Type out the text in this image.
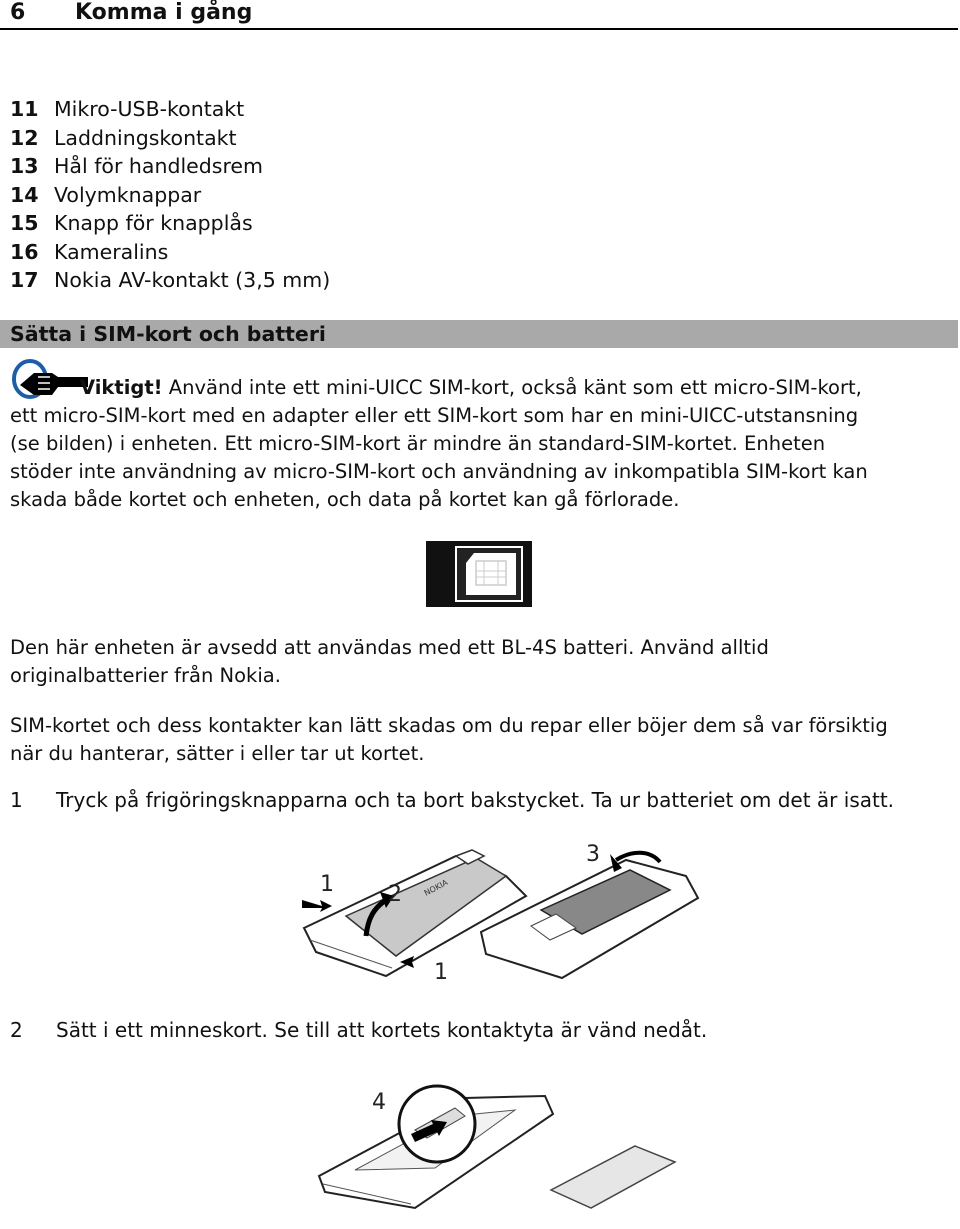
6 Komma i gång
11 Mikro-USB-kontakt
12 Laddningskontakt
13 Hål för handledsrem
14 Volymknappar
15 Knapp för knapplås
16 Kameralins
17 Nokia AV-kontakt (3,5 mm)
Sätta i SIM-kort och batteri
Viktigt! Använd inte ett mini-UICC SIM-kort, också känt som ett micro-SIM-kort,
ett micro-SIM-kort med en adapter eller ett SIM-kort som har en mini-UICC-utstansning
(se bilden) i enheten. Ett micro-SIM-kort är mindre än standard-SIM-kortet. Enheten
stöder inte användning av micro-SIM-kort och användning av inkompatibla SIM-kort kan
skada både kortet och enheten, och data på kortet kan gå förlorade.
Den här enheten är avsedd att användas med ett BL-4S batteri. Använd alltid
originalbatterier från Nokia.
SIM-kortet och dess kontakter kan lätt skadas om du repar eller böjer dem så var försiktig
när du hanterar, sätter i eller tar ut kortet.
1 Tryck på frigöringsknapparna och ta bort bakstycket. Ta ur batteriet om det är isatt.
NOKIA
1 2
3
1
2 Sätt i ett minneskort. Se till att kortets kontaktyta är vänd nedåt.
4
